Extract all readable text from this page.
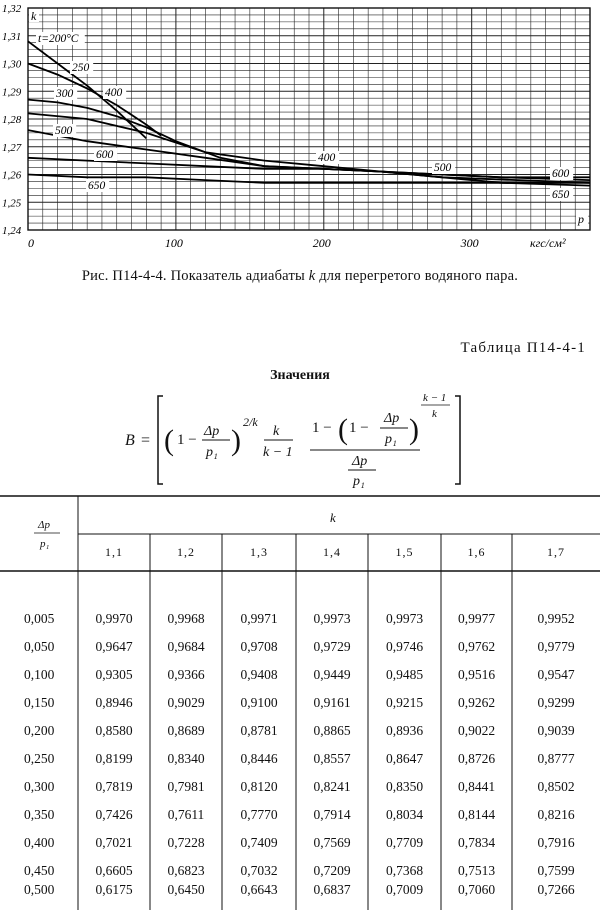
1,32
1,31
1,30
1,29
1,28
1,27
1,26
1,25
1,24
k
0	100	200	300	кгс/см²
p
t=200°C
250
300	400
500
600
650
400
500	600
650
Рис. П14-4-4. Показатель адиабаты k для перегретого водяного пара.
Таблица П14-4-1
Значения
B = ( 1 −
Δp
p₁ )
2/k
k
k − 1
1 − ( 1 −
Δp
p₁ )
k − 1
k
Δp
p₁
Δp
p₁
k
1,1	1,2	1,3	1,4	1,5	1,6	1,7
0,005	0,9970	0,9968	0,9971	0,9973	0,9973	0,9977	0,9952
0,050	0,9647	0,9684	0,9708	0,9729	0,9746	0,9762	0,9779
0,100	0,9305	0,9366	0,9408	0,9449	0,9485	0,9516	0,9547
0,150	0,8946	0,9029	0,9100	0,9161	0,9215	0,9262	0,9299
0,200	0,8580	0,8689	0,8781	0,8865	0,8936	0,9022	0,9039
0,250	0,8199	0,8340	0,8446	0,8557	0,8647	0,8726	0,8777
0,300	0,7819	0,7981	0,8120	0,8241	0,8350	0,8441	0,8502
0,350	0,7426	0,7611	0,7770	0,7914	0,8034	0,8144	0,8216
0,400	0,7021	0,7228	0,7409	0,7569	0,7709	0,7834	0,7916
0,450	0,6605	0,6823	0,7032	0,7209	0,7368	0,7513	0,7599
0,500	0,6175	0,6450	0,6643	0,6837	0,7009	0,7060	0,7266
